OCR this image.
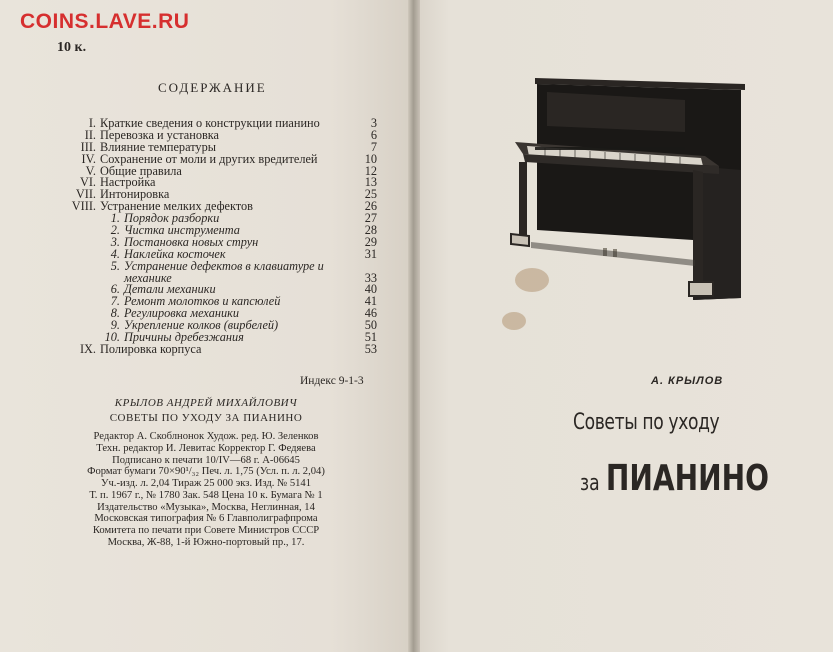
COINS.LAVE.RU
10 к.
СОДЕРЖАНИЕ
I. Краткие сведения о конструкции пианино	3
II. Перевозка и установка	6
III. Влияние температуры	7
IV. Сохранение от моли и других вредителей	10
V. Общие правила	12
VI. Настройка	13
VII. Интонировка	25
VIII. Устранение мелких дефектов	26
1. Порядок разборки	27
2. Чистка инструмента	28
3. Постановка новых струн	29
4. Наклейка косточек	31
5. Устранение дефектов в клавиатуре и
механике	33
6. Детали механики	40
7. Ремонт молотков и капсюлей	41
8. Регулировка механики	46
9. Укрепление колков (вирбелей)	50
10. Причины дребезжания	51
IX. Полировка корпуса	53
Индекс 9-1-3
КРЫЛОВ АНДРЕЙ МИХАЙЛОВИЧ
СОВЕТЫ ПО УХОДУ ЗА ПИАНИНО
Редактор А. Скоблнонок Худож. ред. Ю. Зеленков
Техн. редактор И. Левитас Корректор Г. Федяева
Подписано к печати 10/IV—68 г. А-06645
Формат бумаги 70×90¹/₃₂ Печ. л. 1,75 (Усл. п. л. 2,04)
Уч.-изд. л. 2,04 Тираж 25 000 экз. Изд. № 5141
Т. п. 1967 г., № 1780 Зак. 548 Цена 10 к. Бумага № 1
Издательство «Музыка», Москва, Неглинная, 14
Московская типография № 6 Главполиграфпрома
Комитета по печати при Совете Министров СССР
Москва, Ж-88, 1-й Южно-портовый пр., 17.
А. КРЫЛОВ
Советы по уходу
за ПИАНИНО
